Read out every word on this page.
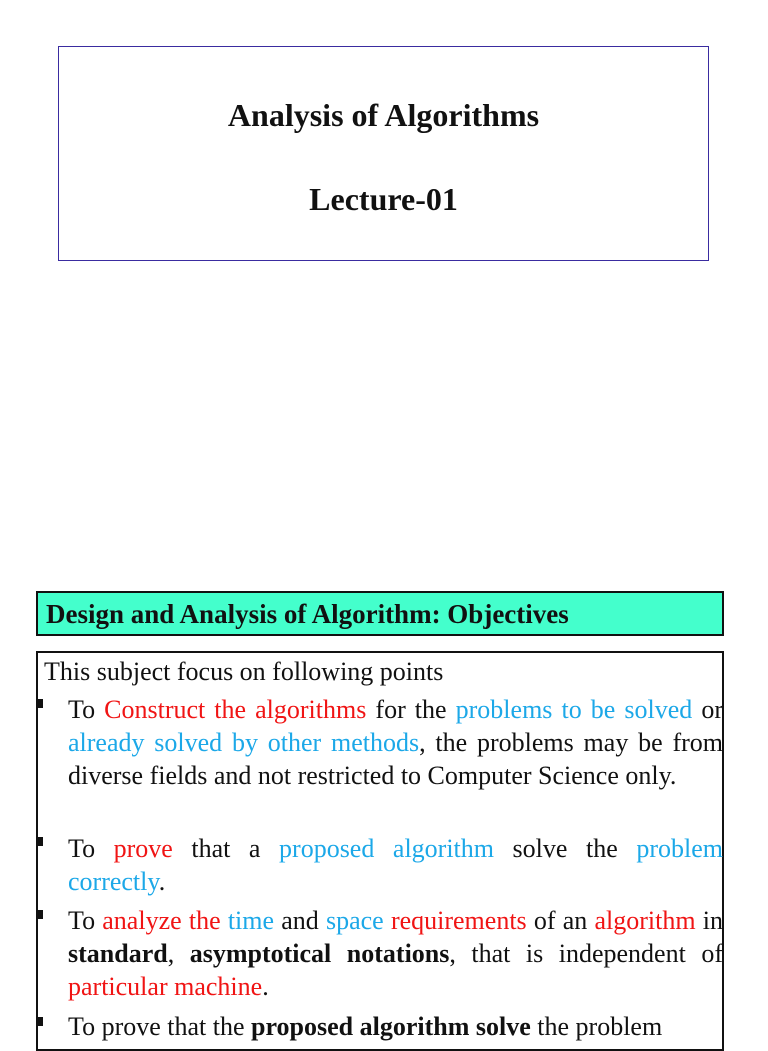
Analysis of Algorithms
Lecture-01
Design and Analysis of Algorithm: Objectives
This subject focus on following points
To Construct the algorithms for the problems to be solved or already solved by other methods, the problems may be from diverse fields and not restricted to Computer Science only.
To prove that a proposed algorithm solve the problem correctly.
To analyze the time and space requirements of an algorithm in standard, asymptotical notations, that is independent of particular machine.
To prove that the proposed algorithm solve the problem
